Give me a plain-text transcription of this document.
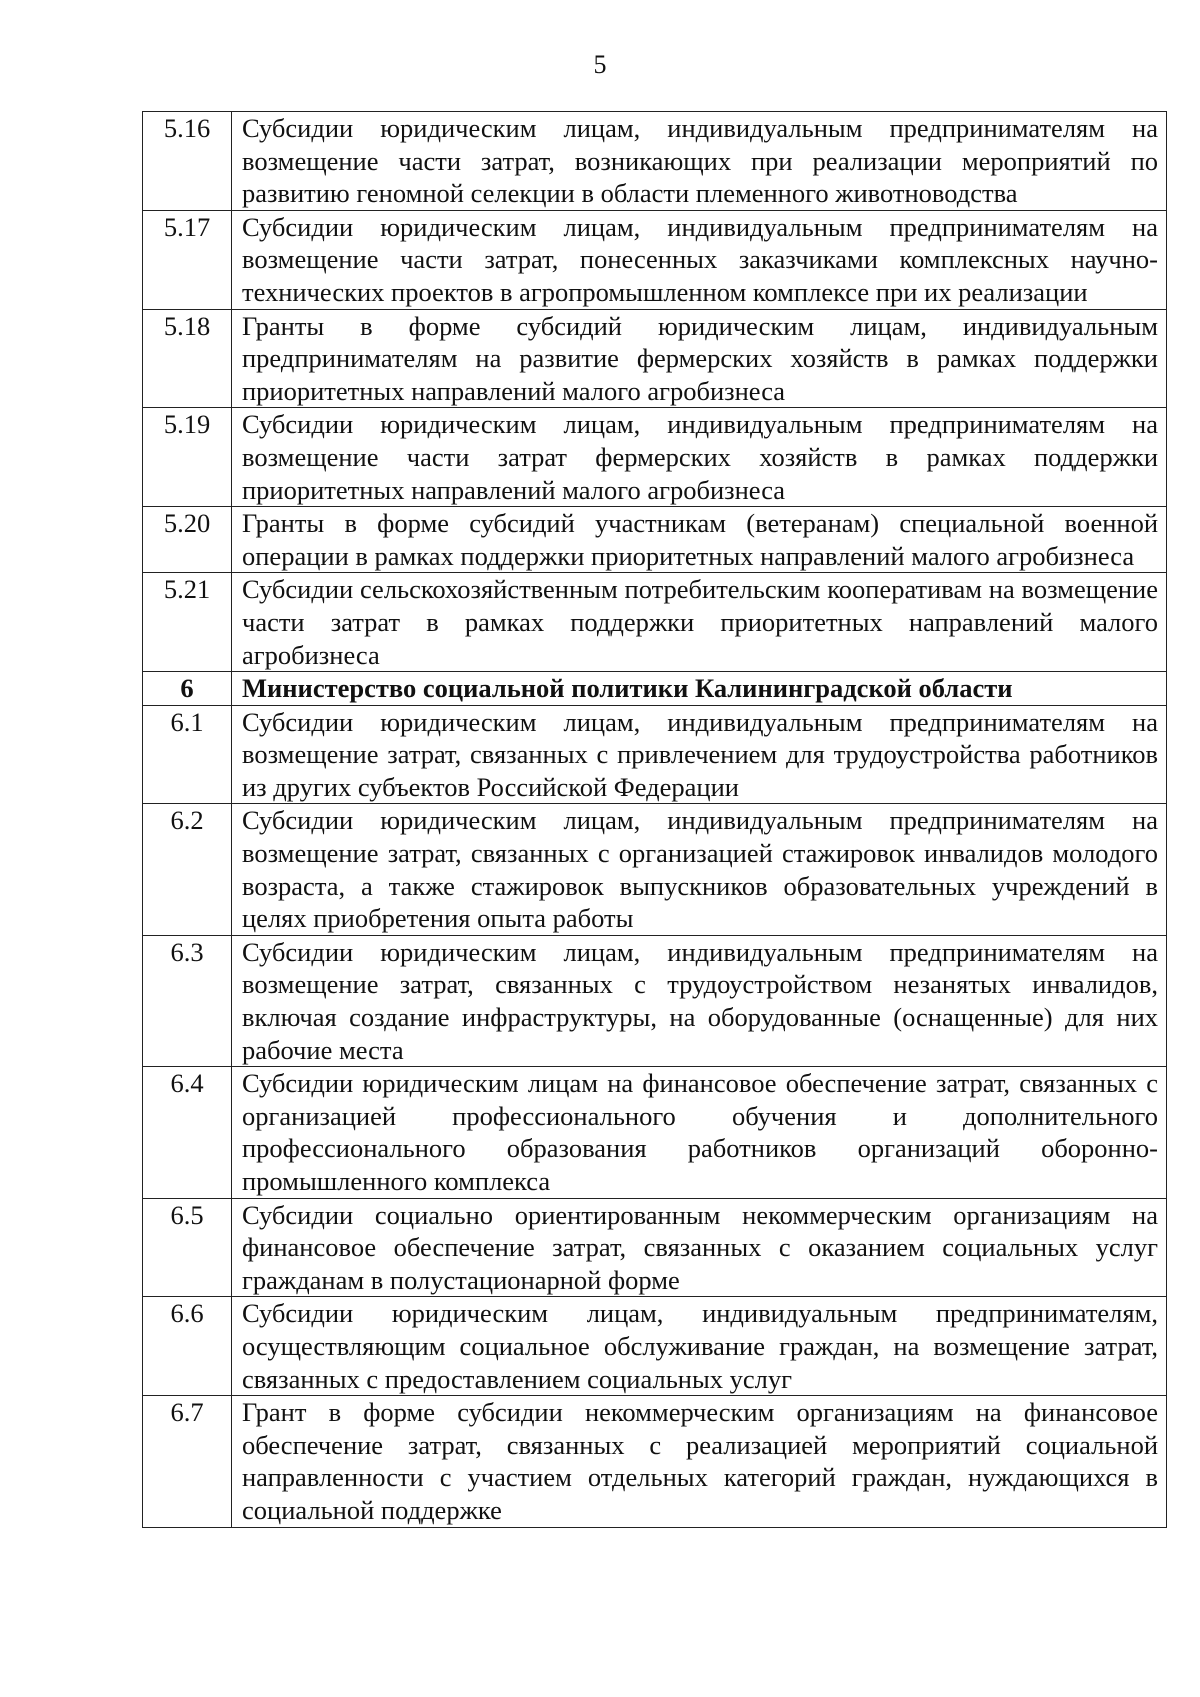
5
5.16	Субсидии юридическим лицам, индивидуальным предпринимателям на возмещение части затрат, возникающих при реализации мероприятий по развитию геномной селекции в области племенного животноводства
5.17	Субсидии юридическим лицам, индивидуальным предпринимателям на возмещение части затрат, понесенных заказчиками комплексных научно-технических проектов в агропромышленном комплексе при их реализации
5.18	Гранты в форме субсидий юридическим лицам, индивидуальным предпринимателям на развитие фермерских хозяйств в рамках поддержки приоритетных направлений малого агробизнеса
5.19	Субсидии юридическим лицам, индивидуальным предпринимателям на возмещение части затрат фермерских хозяйств в рамках поддержки приоритетных направлений малого агробизнеса
5.20	Гранты в форме субсидий участникам (ветеранам) специальной военной операции в рамках поддержки приоритетных направлений малого агробизнеса
5.21	Субсидии сельскохозяйственным потребительским кооперативам на возмещение части затрат в рамках поддержки приоритетных направлений малого агробизнеса
6	Министерство социальной политики Калининградской области
6.1	Субсидии юридическим лицам, индивидуальным предпринимателям на возмещение затрат, связанных с привлечением для трудоустройства работников из других субъектов Российской Федерации
6.2	Субсидии юридическим лицам, индивидуальным предпринимателям на возмещение затрат, связанных с организацией стажировок инвалидов молодого возраста, а также стажировок выпускников образовательных учреждений в целях приобретения опыта работы
6.3	Субсидии юридическим лицам, индивидуальным предпринимателям на возмещение затрат, связанных с трудоустройством незанятых инвалидов, включая создание инфраструктуры, на оборудованные (оснащенные) для них рабочие места
6.4	Субсидии юридическим лицам на финансовое обеспечение затрат, связанных с организацией профессионального обучения и дополнительного профессионального образования работников организаций оборонно-промышленного комплекса
6.5	Субсидии социально ориентированным некоммерческим организациям на финансовое обеспечение затрат, связанных с оказанием социальных услуг гражданам в полустационарной форме
6.6	Субсидии юридическим лицам, индивидуальным предпринимателям, осуществляющим социальное обслуживание граждан, на возмещение затрат, связанных с предоставлением социальных услуг
6.7	Грант в форме субсидии некоммерческим организациям на финансовое обеспечение затрат, связанных с реализацией мероприятий социальной направленности с участием отдельных категорий граждан, нуждающихся в социальной поддержке
